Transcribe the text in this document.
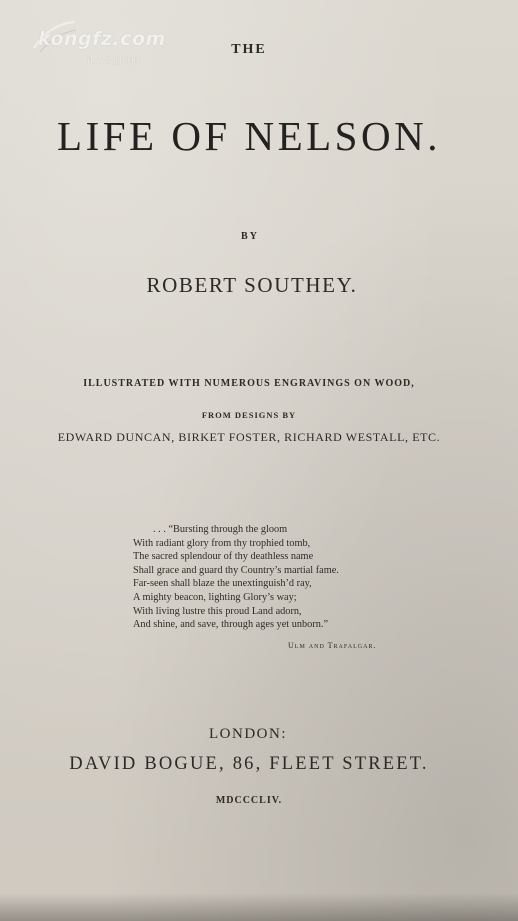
kongfz.com
孔夫子旧书网
THE
LIFE OF NELSON.
BY
ROBERT SOUTHEY.
ILLUSTRATED WITH NUMEROUS ENGRAVINGS ON WOOD,
FROM DESIGNS BY
EDWARD DUNCAN, BIRKET FOSTER, RICHARD WESTALL, ETC.
. . . “Bursting through the gloom
With radiant glory from thy trophied tomb,
The sacred splendour of thy deathless name
Shall grace and guard thy Country’s martial fame.
Far-seen shall blaze the unextinguish’d ray,
A mighty beacon, lighting Glory’s way;
With living lustre this proud Land adorn,
And shine, and save, through ages yet unborn.”
Ulm and Trafalgar.
LONDON:
DAVID BOGUE, 86, FLEET STREET.
MDCCCLIV.
